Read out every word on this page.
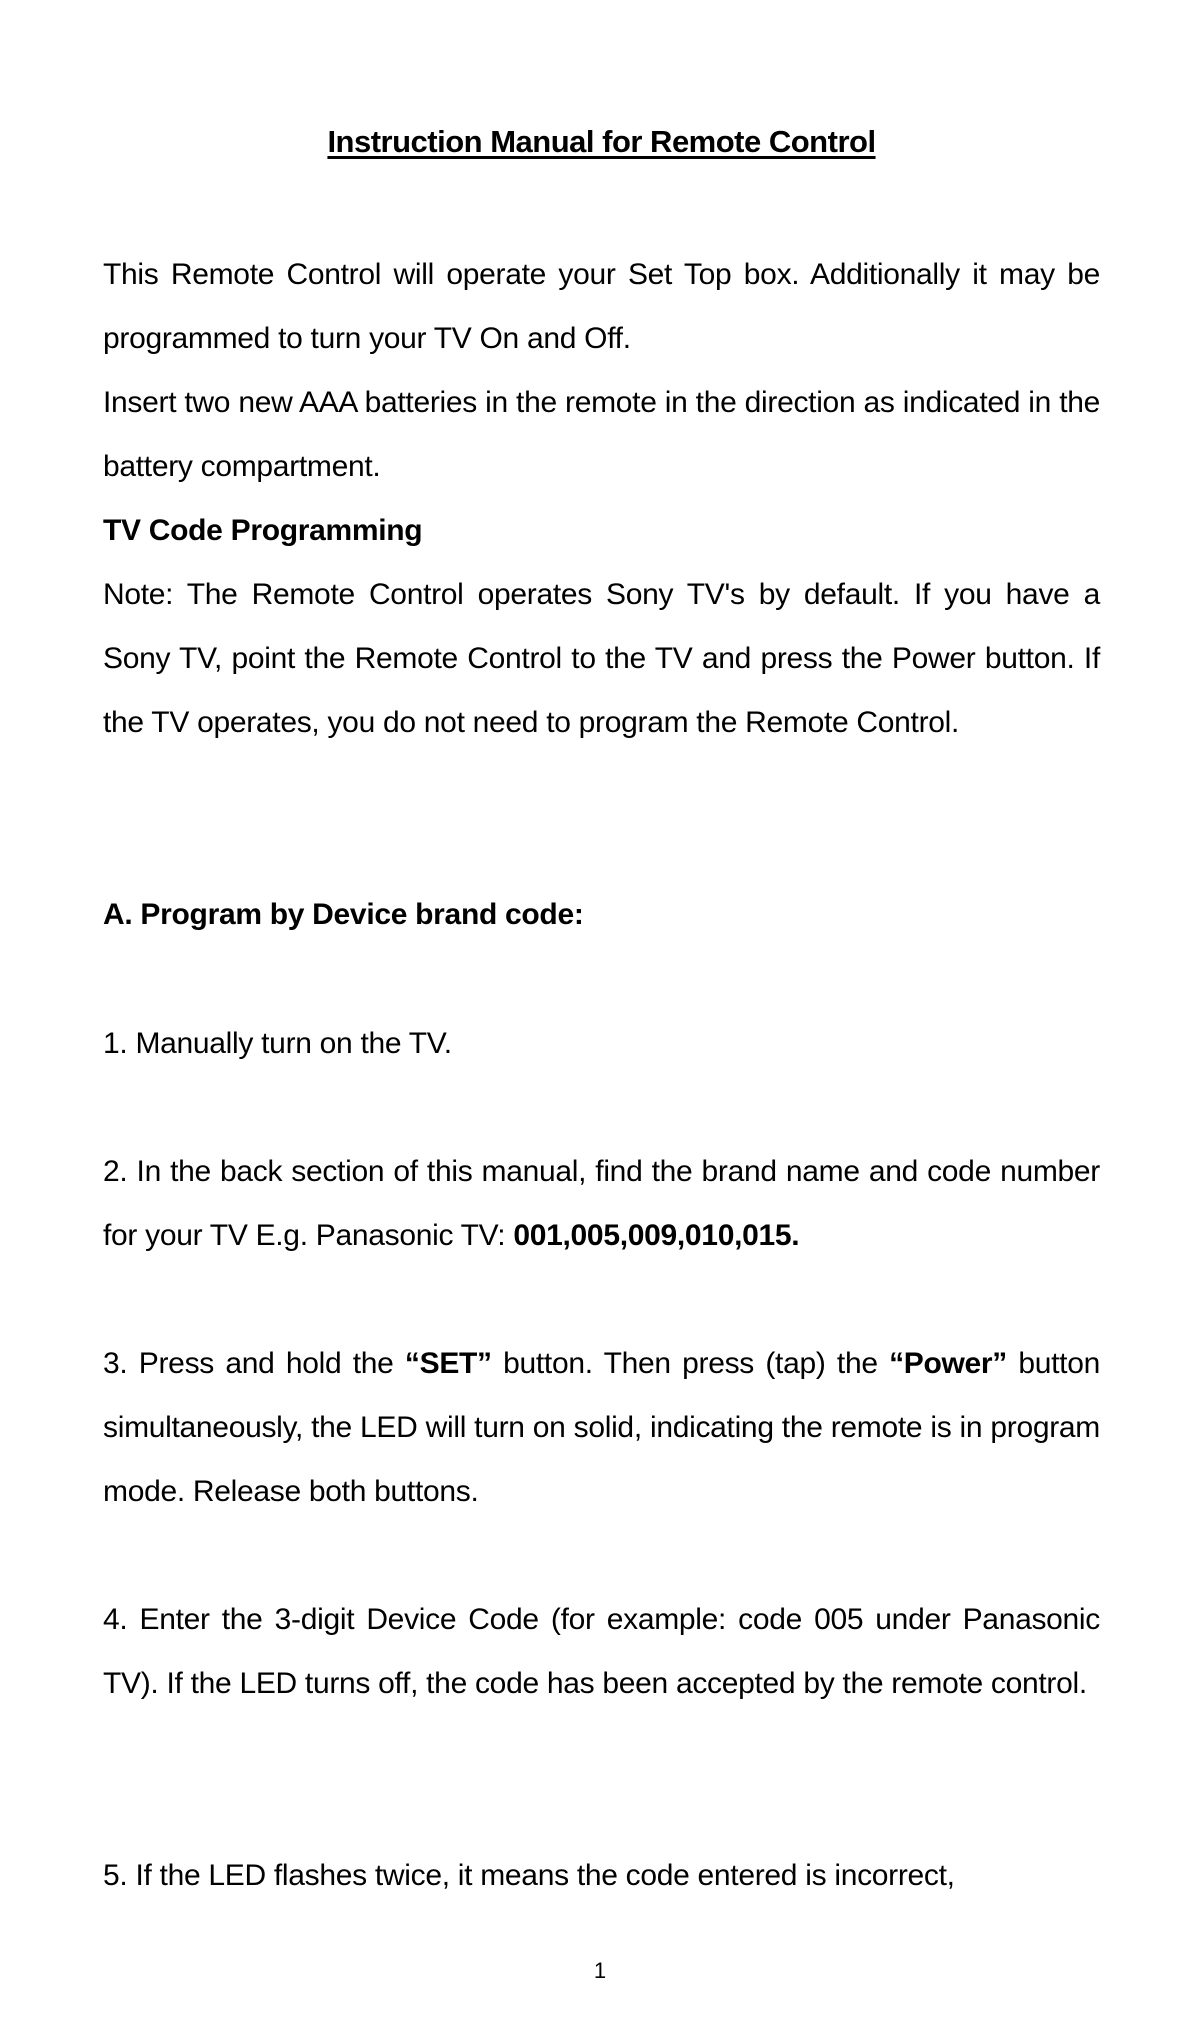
Instruction Manual for Remote Control
This Remote Control will operate your Set Top box. Additionally it may be programmed to turn your TV On and Off.
Insert two new AAA batteries in the remote in the direction as indicated in the battery compartment.
TV Code Programming
Note: The Remote Control operates Sony TV's by default. If you have a Sony TV, point the Remote Control to the TV and press the Power button. If the TV operates, you do not need to program the Remote Control.
A. Program by Device brand code:
1. Manually turn on the TV.
2. In the back section of this manual, find the brand name and code number for your TV E.g. Panasonic TV: 001,005,009,010,015.
3. Press and hold the “SET” button. Then press (tap) the “Power” button simultaneously, the LED will turn on solid, indicating the remote is in program mode. Release both buttons.
4. Enter the 3-digit Device Code (for example: code 005 under Panasonic TV). If the LED turns off, the code has been accepted by the remote control.
5. If the LED flashes twice, it means the code entered is incorrect,
1
